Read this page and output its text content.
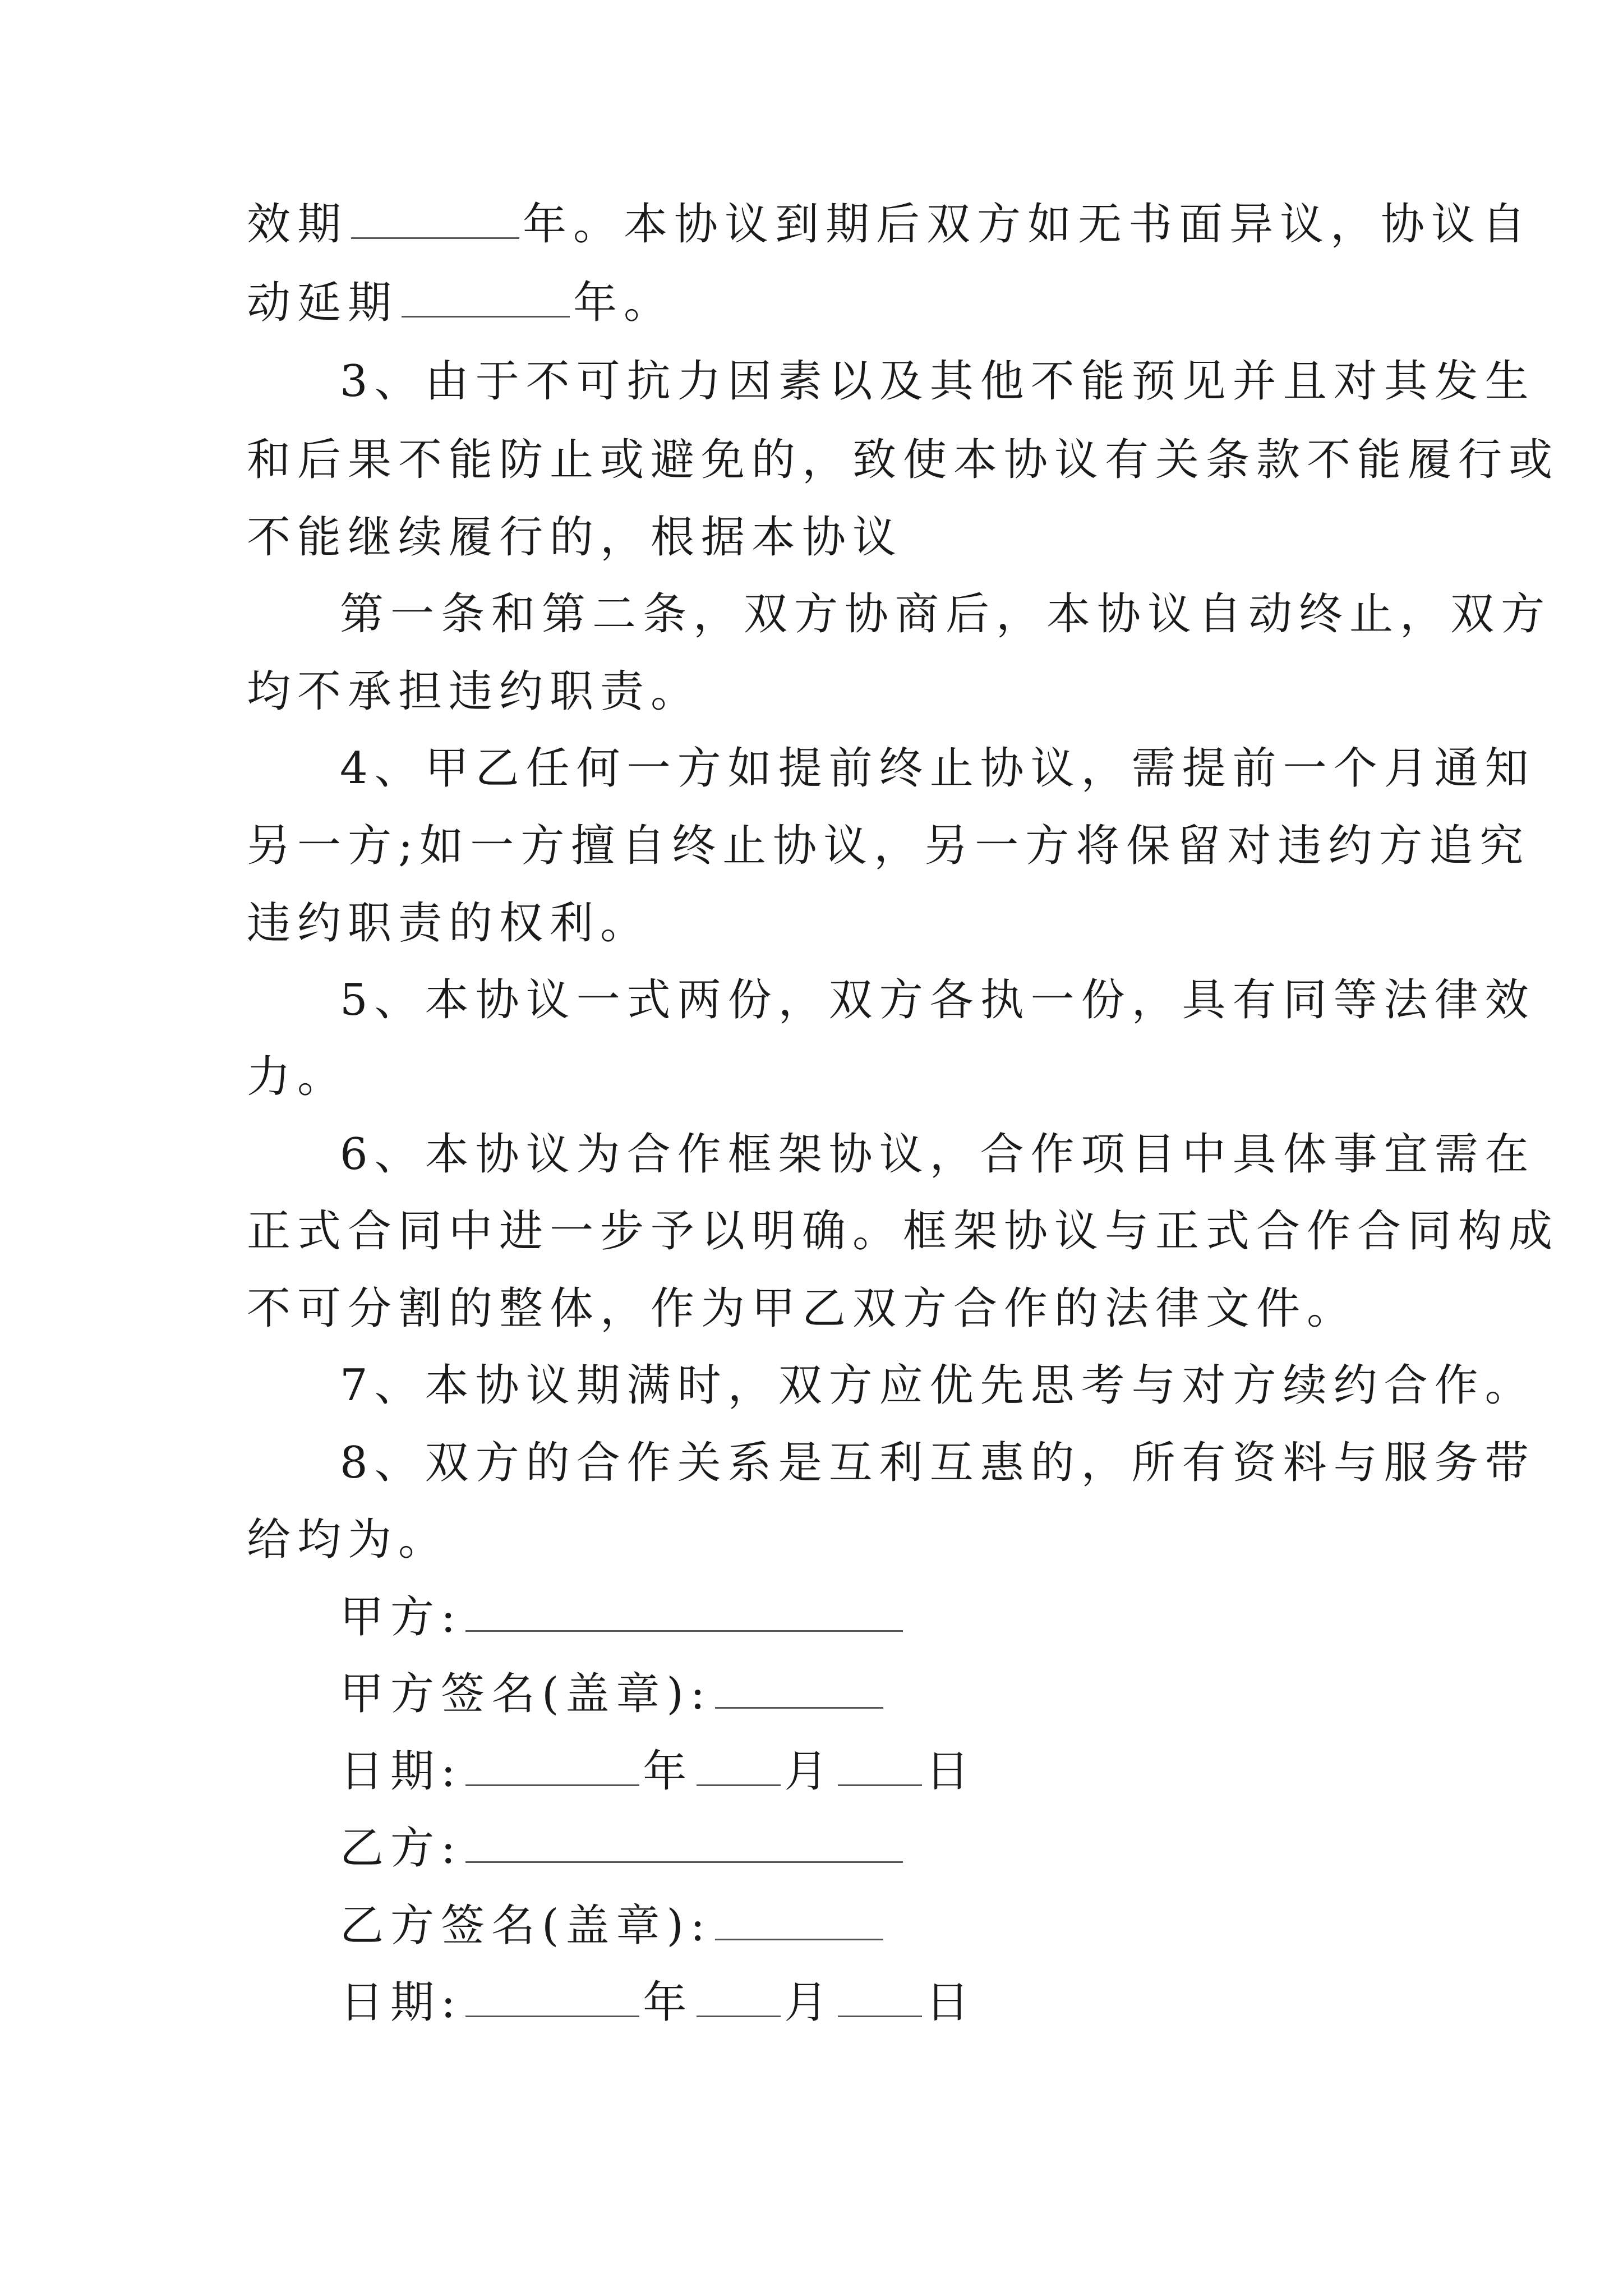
效期	年。本协议到期后双方如无书面异议，协议自
动延期	年。
3、由于不可抗力因素以及其他不能预见并且对其发生
和后果不能防止或避免的，致使本协议有关条款不能履行或
不能继续履行的，根据本协议
第一条和第二条，双方协商后，本协议自动终止，双方
均不承担违约职责。
4、甲乙任何一方如提前终止协议，需提前一个月通知
另一方;如一方擅自终止协议，另一方将保留对违约方追究
违约职责的权利。
5、本协议一式两份，双方各执一份，具有同等法律效
力。
6、本协议为合作框架协议，合作项目中具体事宜需在
正式合同中进一步予以明确。框架协议与正式合作合同构成
不可分割的整体，作为甲乙双方合作的法律文件。
7、本协议期满时，双方应优先思考与对方续约合作。
8、双方的合作关系是互利互惠的，所有资料与服务带
给均为。
甲方:
甲方签名(盖章):
日期:	年 月 日
乙方:
乙方签名(盖章):
日期:	年 月 日
